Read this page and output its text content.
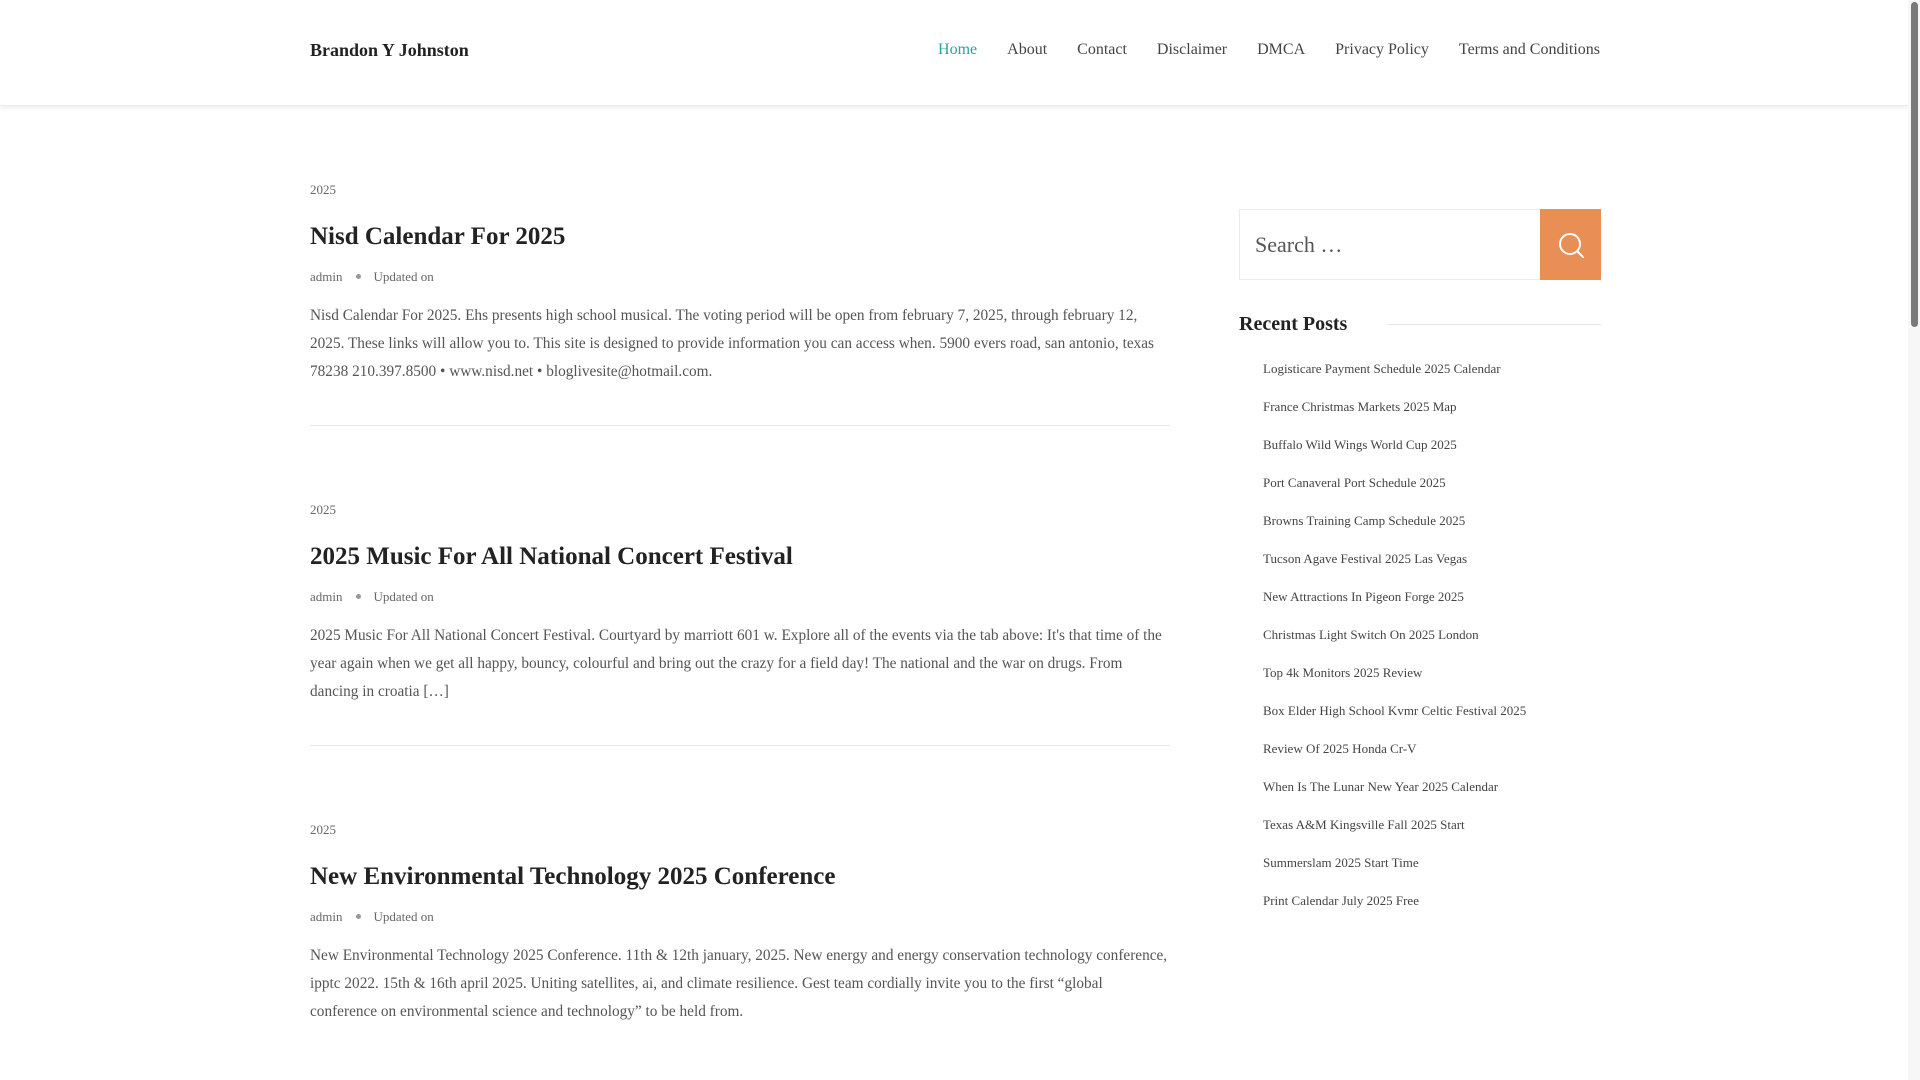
Brandon Y Johnston	Home About Contact Disclaimer DMCA Privacy Policy Terms and Conditions
2025
Nisd Calendar For 2025
admin Updated on

Nisd Calendar For 2025. Ehs presents high school musical. The voting period will be open from february 7, 2025, through february 12, 2025. These links will allow you to. This site is designed to provide information you can access when. 5900 evers road, san antonio, texas 78238 210.397.8500 • www.nisd.net • bloglivesite@hotmail.com.

2025
2025 Music For All National Concert Festival
admin Updated on

2025 Music For All National Concert Festival. Courtyard by marriott 601 w. Explore all of the events via the tab above: It's that time of the year again when we get all happy, bouncy, colourful and bring out the crazy for a field day! The national and the war on drugs. From dancing in croatia […]

2025
New Environmental Technology 2025 Conference
admin Updated on

New Environmental Technology 2025 Conference. 11th & 12th january, 2025. New energy and energy conservation technology conference, ipptc 2022. 15th & 16th april 2025. Uniting satellites, ai, and climate resilience. Gest team cordially invite you to the first “global conference on environmental science and technology” to be held from.

Search …
Recent Posts
Logisticare Payment Schedule 2025 Calendar
France Christmas Markets 2025 Map
Buffalo Wild Wings World Cup 2025
Port Canaveral Port Schedule 2025
Browns Training Camp Schedule 2025
Tucson Agave Festival 2025 Las Vegas
New Attractions In Pigeon Forge 2025
Christmas Light Switch On 2025 London
Top 4k Monitors 2025 Review
Box Elder High School Kvmr Celtic Festival 2025
Review Of 2025 Honda Cr-V
When Is The Lunar New Year 2025 Calendar
Texas A&M Kingsville Fall 2025 Start
Summerslam 2025 Start Time
Print Calendar July 2025 Free
